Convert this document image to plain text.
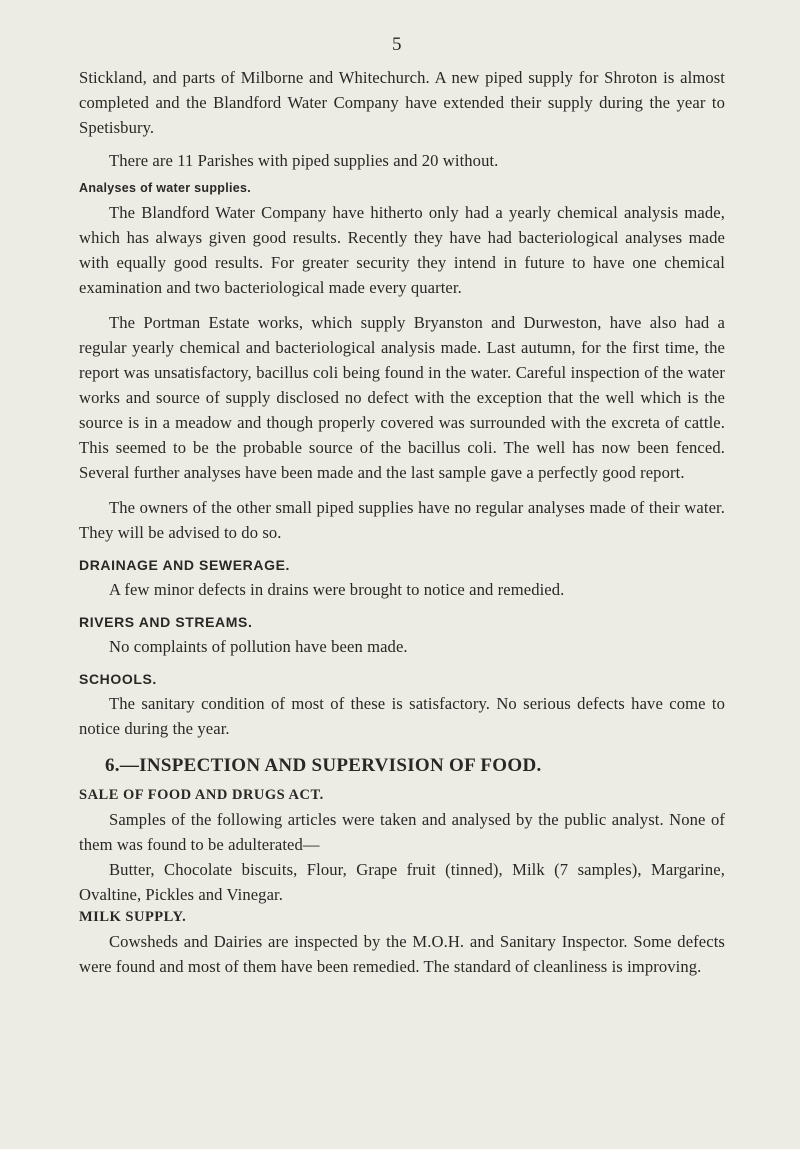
5

Stickland, and parts of Milborne and Whitechurch. A new piped supply for Shroton is almost completed and the Blandford Water Company have extended their supply during the year to Spetisbury.

There are 11 Parishes with piped supplies and 20 without.

Analyses of water supplies.

The Blandford Water Company have hitherto only had a yearly chemical analysis made, which has always given good results. Recently they have had bacteriological analyses made with equally good results. For greater security they intend in future to have one chemical examination and two bacteriological made every quarter.

The Portman Estate works, which supply Bryanston and Durweston, have also had a regular yearly chemical and bacteriological analysis made. Last autumn, for the first time, the report was unsatisfactory, bacillus coli being found in the water. Careful inspection of the water works and source of supply disclosed no defect with the exception that the well which is the source is in a meadow and though properly covered was surrounded with the excreta of cattle. This seemed to be the probable source of the bacillus coli. The well has now been fenced. Several further analyses have been made and the last sample gave a perfectly good report.

The owners of the other small piped supplies have no regular analyses made of their water. They will be advised to do so.

DRAINAGE AND SEWERAGE.

A few minor defects in drains were brought to notice and remedied.

RIVERS AND STREAMS.

No complaints of pollution have been made.

SCHOOLS.

The sanitary condition of most of these is satisfactory. No serious defects have come to notice during the year.

6.—INSPECTION AND SUPERVISION OF FOOD.
SALE OF FOOD AND DRUGS ACT.

Samples of the following articles were taken and analysed by the public analyst. None of them was found to be adulterated—

Butter, Chocolate biscuits, Flour, Grape fruit (tinned), Milk (7 samples), Margarine, Ovaltine, Pickles and Vinegar.

MILK SUPPLY.

Cowsheds and Dairies are inspected by the M.O.H. and Sanitary Inspector. Some defects were found and most of them have been remedied. The standard of cleanliness is improving.
